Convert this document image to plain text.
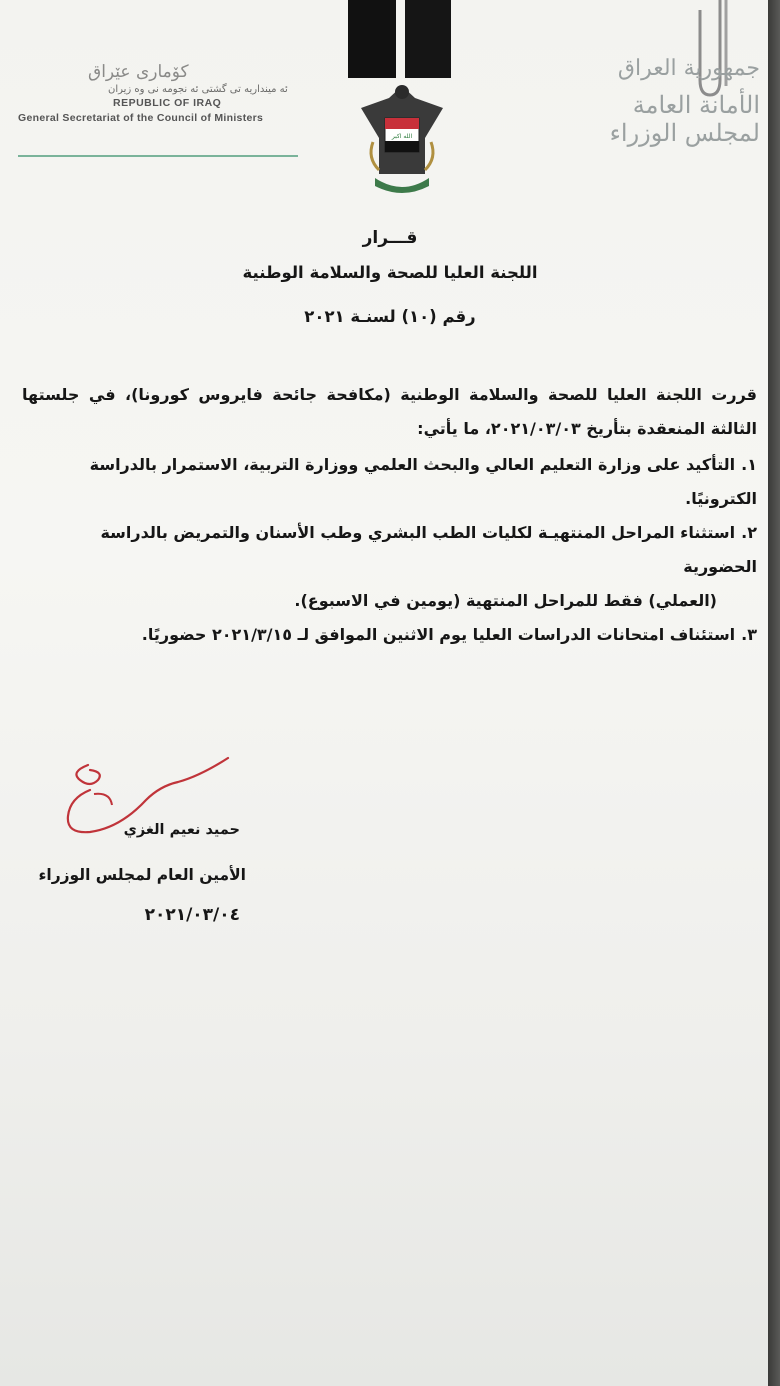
كۆماری عێراق
ئه‌ مینداریه‌ تی گشتی ئه‌ نجومه‌ نی وه‌ زیران
REPUBLIC OF IRAQ
General Secretariat of the Council of Ministers
الله اكبر
جمهورية العراق
الأمانة العامة لمجلس الوزراء
قـــرار
اللجنة العليا للصحة والسلامة الوطنية
رقم (١٠) لسنـة ٢٠٢١
قررت اللجنة العليا للصحة والسلامة الوطنية (مكافحة جائحة فايروس كورونا)، في جلستها الثالثة المنعقدة بتأريخ ٢٠٢١/٠٣/٠٣، ما يأتي:
١.التأكيد على وزارة التعليم العالي والبحث العلمي ووزارة التربية، الاستمرار بالدراسة الكترونيًا.
٢.استثناء المراحل المنتهيـة لكليات الطب البشري وطب الأسنان والتمريض بالدراسة الحضورية
(العملي) فقط للمراحل المنتهية (يومين في الاسبوع).
٣.استئناف امتحانات الدراسات العليا يوم الاثنين الموافق لـ ٢٠٢١/٣/١٥ حضوريًا.
حميد نعيم الغزي
الأمين العام لمجلس الوزراء
٢٠٢١/٠٣/٠٤
